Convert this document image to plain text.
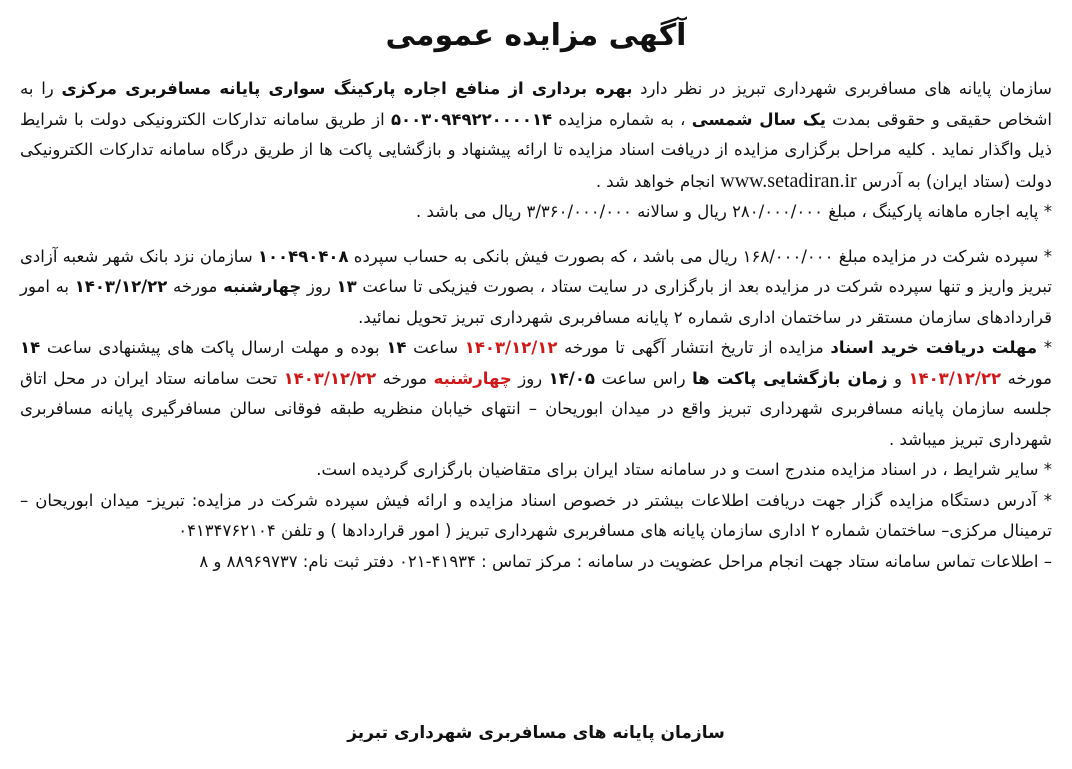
آگهی مزایده عمومی

سازمان پایانه های مسافربری شهرداری تبریز در نظر دارد بهره برداری از منافع اجاره پارکینگ سواری پایانه مسافربری مرکزی را به اشخاص حقیقی و حقوقی بمدت یک سال شمسی ، به شماره مزایده ۵۰۰۳۰۹۴۹۲۲۰۰۰۰۱۴ از طریق سامانه تدارکات الکترونیکی دولت با شرایط ذیل واگذار نماید . کلیه مراحل برگزاری مزایده از دریافت اسناد مزایده تا ارائه پیشنهاد و بازگشایی پاکت ها از طریق درگاه سامانه تدارکات الکترونیکی دولت (ستاد ایران) به آدرس www.setadiran.ir انجام خواهد شد .

* پایه اجاره ماهانه پارکینگ ، مبلغ ۲۸۰/۰۰۰/۰۰۰ ریال و سالانه ۳/۳۶۰/۰۰۰/۰۰۰ ریال می باشد .

* سپرده شرکت در مزایده مبلغ ۱۶۸/۰۰۰/۰۰۰ ریال می باشد ، که بصورت فیش بانکی به حساب سپرده ۱۰۰۴۹۰۴۰۸ سازمان نزد بانک شهر شعبه آزادی تبریز واریز و تنها سپرده شرکت در مزایده بعد از بارگزاری در سایت ستاد ، بصورت فیزیکی تا ساعت ۱۳ روز چهارشنبه مورخه ۱۴۰۳/۱۲/۲۲ به امور قراردادهای سازمان مستقر در ساختمان اداری شماره ۲ پایانه مسافربری شهرداری تبریز تحویل نمائید.

* مهلت دریافت خرید اسناد مزایده از تاریخ انتشار آگهی تا مورخه ۱۴۰۳/۱۲/۱۲ ساعت ۱۴ بوده و مهلت ارسال پاکت های پیشنهادی ساعت ۱۴ مورخه ۱۴۰۳/۱۲/۲۲ و زمان بازگشایی پاکت ها راس ساعت ۱۴/۰۵ روز چهارشنبه مورخه ۱۴۰۳/۱۲/۲۲ تحت سامانه ستاد ایران در محل اتاق جلسه سازمان پایانه مسافربری شهرداری تبریز واقع در میدان ابوریحان – انتهای خیابان منظریه طبقه فوقانی سالن مسافرگیری پایانه مسافربری شهرداری تبریز میباشد .

* سایر شرایط ، در اسناد مزایده مندرج است و در سامانه ستاد ایران برای متقاضیان بارگزاری گردیده است.

* آدرس دستگاه مزایده گزار جهت دریافت اطلاعات بیشتر در خصوص اسناد مزایده و ارائه فیش سپرده شرکت در مزایده: تبریز- میدان ابوریحان –ترمینال مرکزی– ساختمان شماره ۲ اداری سازمان پایانه های مسافربری شهرداری تبریز ( امور قراردادها ) و تلفن ۰۴۱۳۴۷۶۲۱۰۴

– اطلاعات تماس سامانه ستاد جهت انجام مراحل عضویت در سامانه : مرکز تماس : ۴۱۹۳۴-۰۲۱ دفتر ثبت نام: ۸۸۹۶۹۷۳۷ و ۸

سازمان پایانه های مسافربری شهرداری تبریز
